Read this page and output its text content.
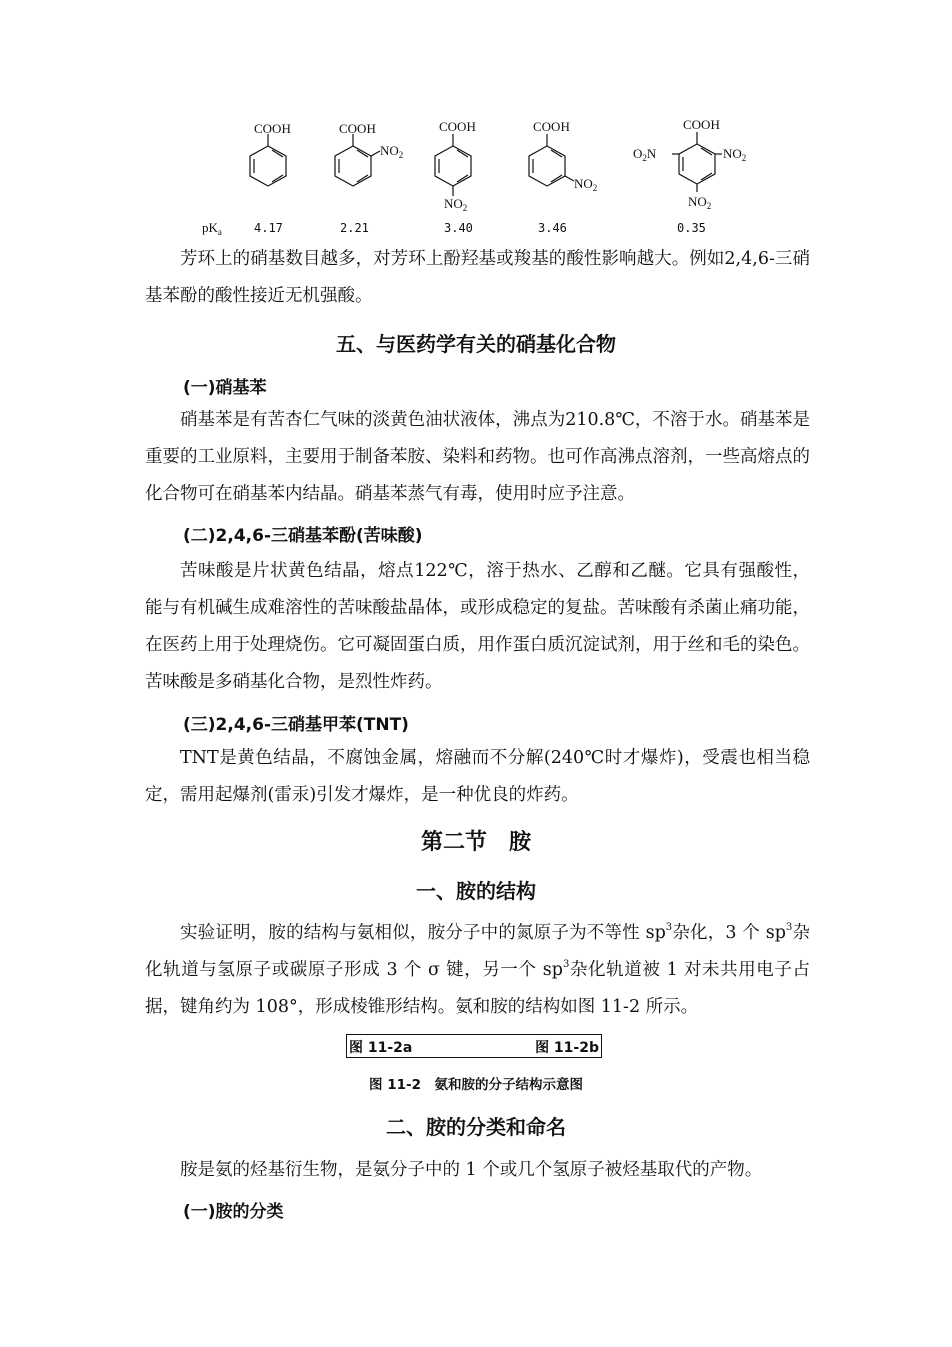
COOH	COOH
$NO_2$
COOH
$NO_2$
COOH
$NO_2$
COOH
$NO_2$
$O_2N$
$NO_2$
$pK_a$	4.17	2.21	3.40	3.46	0.35

芳环上的硝基数目越多，对芳环上酚羟基或羧基的酸性影响越大。例如2,4,6-三硝基苯酚的酸性接近无机强酸。

五、与医药学有关的硝基化合物

(一)硝基苯

硝基苯是有苦杏仁气味的淡黄色油状液体，沸点为210.8℃，不溶于水。硝基苯是重要的工业原料，主要用于制备苯胺、染料和药物。也可作高沸点溶剂，一些高熔点的化合物可在硝基苯内结晶。硝基苯蒸气有毒，使用时应予注意。

(二)2,4,6-三硝基苯酚(苦味酸)

苦味酸是片状黄色结晶，熔点122℃，溶于热水、乙醇和乙醚。它具有强酸性，能与有机碱生成难溶性的苦味酸盐晶体，或形成稳定的复盐。苦味酸有杀菌止痛功能，在医药上用于处理烧伤。它可凝固蛋白质，用作蛋白质沉淀试剂，用于丝和毛的染色。苦味酸是多硝基化合物，是烈性炸药。

(三)2,4,6-三硝基甲苯(TNT)

TNT是黄色结晶，不腐蚀金属，熔融而不分解(240℃时才爆炸)，受震也相当稳定，需用起爆剂(雷汞)引发才爆炸，是一种优良的炸药。

第二节　胺
一、胺的结构

实验证明，胺的结构与氨相似，胺分子中的氮原子为不等性 $sp^3$杂化，3 个 $sp^3$杂化轨道与氢原子或碳原子形成 3 个 σ 键，另一个 $sp^3$杂化轨道被 1 对未共用电子占据，键角约为 108°，形成棱锥形结构。氨和胺的结构如图 11-2 所示。

图 11-2a	图 11-2b
图 11-2　氨和胺的分子结构示意图
二、胺的分类和命名

胺是氨的烃基衍生物，是氨分子中的 1 个或几个氢原子被烃基取代的产物。

(一)胺的分类
